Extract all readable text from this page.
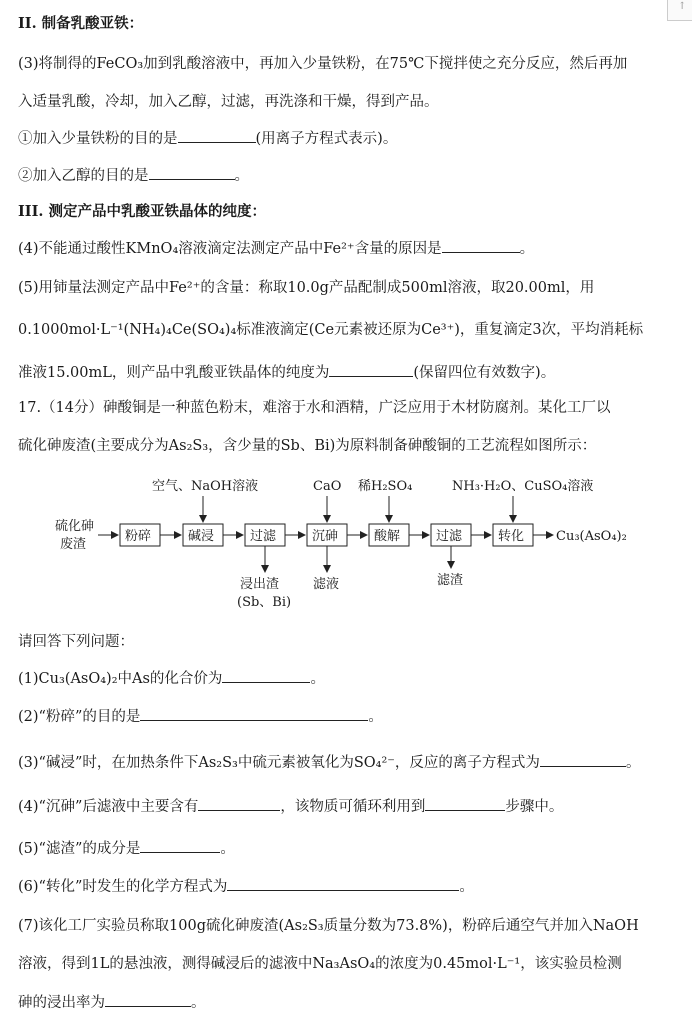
↑
II. 制备乳酸亚铁：
(3)将制得的FeCO₃加到乳酸溶液中，再加入少量铁粉，在75℃下搅拌使之充分反应，然后再加
入适量乳酸，冷却，加入乙醇，过滤，再洗涤和干燥，得到产品。
①加入少量铁粉的目的是	(用离子方程式表示)。
②加入乙醇的目的是	。
III. 测定产品中乳酸亚铁晶体的纯度：
(4)不能通过酸性KMnO₄溶液滴定法测定产品中Fe²⁺含量的原因是	。
(5)用铈量法测定产品中Fe²⁺的含量：称取10.0g产品配制成500ml溶液，取20.00ml，用
0.1000mol·L⁻¹(NH₄)₄Ce(SO₄)₄标准液滴定(Ce元素被还原为Ce³⁺)，重复滴定3次，平均消耗标
准液15.00mL，则产品中乳酸亚铁晶体的纯度为	(保留四位有效数字)。
17.（14分）砷酸铜是一种蓝色粉末，难溶于水和酒精，广泛应用于木材防腐剂。某化工厂以
硫化砷废渣(主要成分为As₂S₃，含少量的Sb、Bi)为原料制备砷酸铜的工艺流程如图所示：
硫化砷
废渣
粉碎	碱浸	过滤	沉砷	酸解	过滤	转化 Cu₃(AsO₄)₂
空气、NaOH溶液	CaO 稀H₂SO₄	NH₃·H₂O、CuSO₄溶液
浸出渣
(Sb、Bi)
滤液	滤渣
请回答下列问题：
(1)Cu₃(AsO₄)₂中As的化合价为	。
(2)“粉碎”的目的是	。
(3)“碱浸”时，在加热条件下As₂S₃中硫元素被氧化为SO₄²⁻，反应的离子方程式为	。
(4)“沉砷”后滤液中主要含有	，该物质可循环利用到	步骤中。
(5)“滤渣”的成分是	。
(6)“转化”时发生的化学方程式为	。
(7)该化工厂实验员称取100g硫化砷废渣(As₂S₃质量分数为73.8%)，粉碎后通空气并加入NaOH
溶液，得到1L的悬浊液，测得碱浸后的滤液中Na₃AsO₄的浓度为0.45mol·L⁻¹，该实验员检测
砷的浸出率为	。
